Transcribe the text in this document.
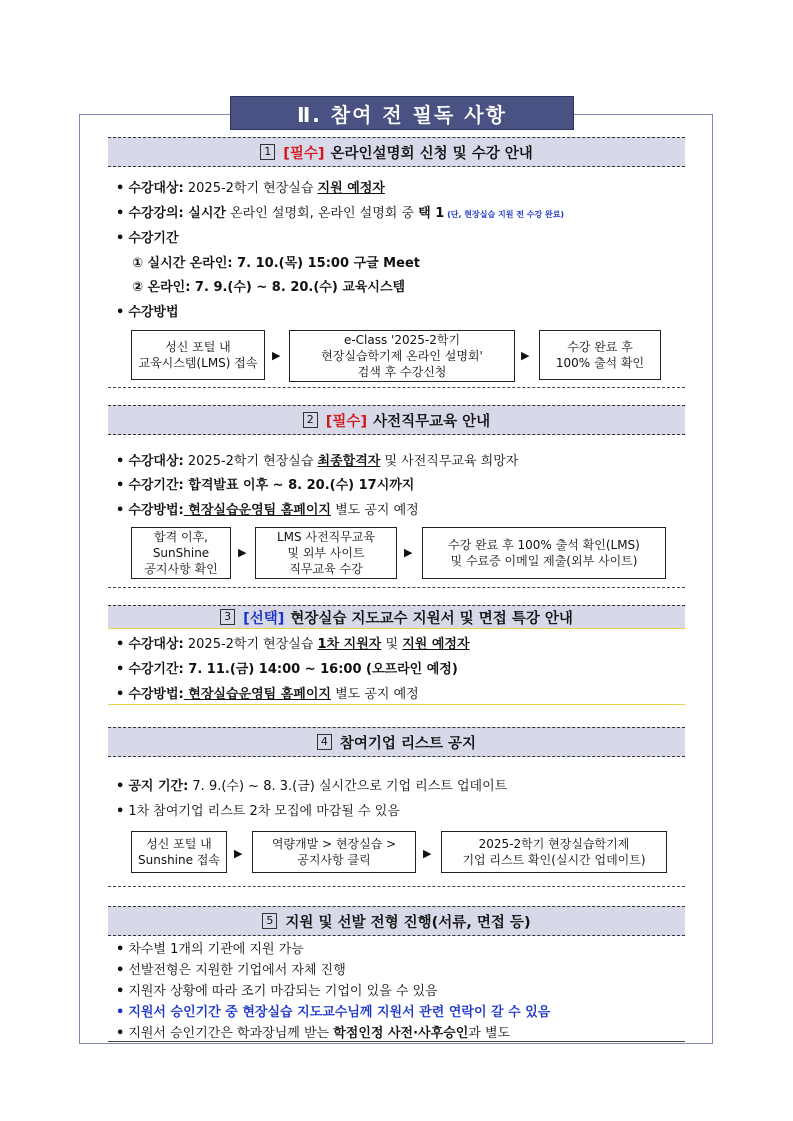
Ⅱ. 참여 전 필독 사항
1 [필수] 온라인설명회 신청 및 수강 안내
• 수강대상: 2025-2학기 현장실습 지원 예정자
• 수강강의: 실시간 온라인 설명회, 온라인 설명회 중 택 1 (단, 현장실습 지원 전 수강 완료)
• 수강기간
① 실시간 온라인: 7. 10.(목) 15:00 구글 Meet
② 온라인: 7. 9.(수) ~ 8. 20.(수) 교육시스템
• 수강방법
성신 포털 내
교육시스템(LMS) 접속
▶
e-Class '2025-2학기
현장실습학기제 온라인 설명회'
검색 후 수강신청
▶
수강 완료 후
100% 출석 확인
2 [필수] 사전직무교육 안내
• 수강대상: 2025-2학기 현장실습 최종합격자 및 사전직무교육 희망자
• 수강기간: 합격발표 이후 ~ 8. 20.(수) 17시까지
• 수강방법: 현장실습운영팀 홈페이지 별도 공지 예정
합격 이후,
SunShine
공지사항 확인
▶
LMS 사전직무교육
및 외부 사이트
직무교육 수강
▶
수강 완료 후 100% 출석 확인(LMS)
및 수료증 이메일 제출(외부 사이트)
3 [선택] 현장실습 지도교수 지원서 및 면접 특강 안내
• 수강대상: 2025-2학기 현장실습 1차 지원자 및 지원 예정자
• 수강기간: 7. 11.(금) 14:00 ~ 16:00 (오프라인 예정)
• 수강방법: 현장실습운영팀 홈페이지 별도 공지 예정
4 참여기업 리스트 공지
• 공지 기간: 7. 9.(수) ~ 8. 3.(금) 실시간으로 기업 리스트 업데이트
• 1차 참여기업 리스트 2차 모집에 마감될 수 있음
성신 포털 내
Sunshine 접속	▶
역량개발 > 현장실습 >
공지사항 클릭	▶
2025-2학기 현장실습학기제
기업 리스트 확인(실시간 업데이트)
5 지원 및 선발 전형 진행(서류, 면접 등)
• 차수별 1개의 기관에 지원 가능
• 선발전형은 지원한 기업에서 자체 진행
• 지원자 상황에 따라 조기 마감되는 기업이 있을 수 있음
• 지원서 승인기간 중 현장실습 지도교수님께 지원서 관련 연락이 갈 수 있음
• 지원서 승인기간은 학과장님께 받는 학점인정 사전·사후승인과 별도
